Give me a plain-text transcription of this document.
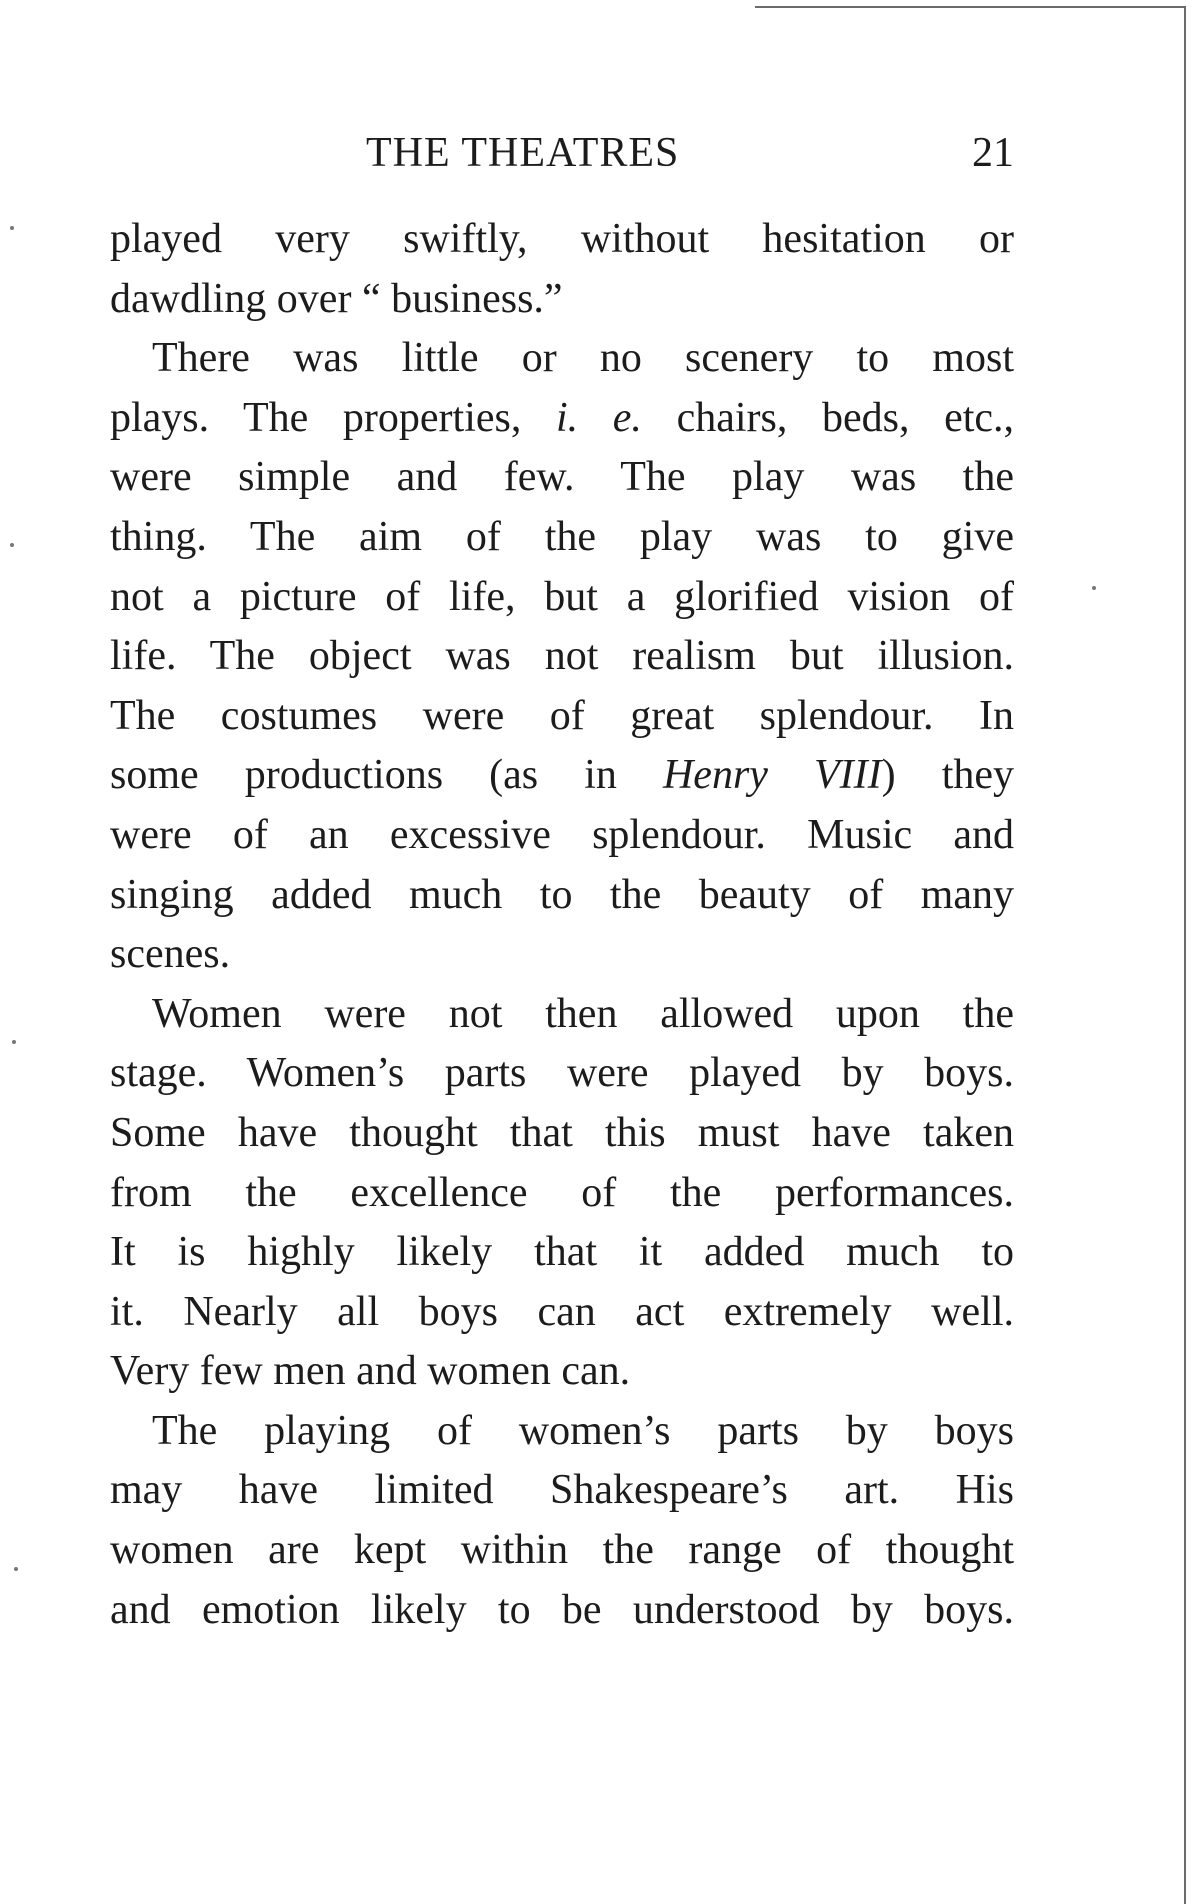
THE THEATRES	21
played very swiftly, without hesitation or
dawdling over “ business.”
There was little or no scenery to most
plays. The properties, i. e. chairs, beds, etc.,
were simple and few. The play was the
thing. The aim of the play was to give
not a picture of life, but a glorified vision of
life. The object was not realism but illusion.
The costumes were of great splendour. In
some productions (as in Henry VIII) they
were of an excessive splendour. Music and
singing added much to the beauty of many
scenes.
Women were not then allowed upon the
stage. Women’s parts were played by boys.
Some have thought that this must have taken
from the excellence of the performances.
It is highly likely that it added much to
it. Nearly all boys can act extremely well.
Very few men and women can.
The playing of women’s parts by boys
may have limited Shakespeare’s art. His
women are kept within the range of thought
and emotion likely to be understood by boys.
